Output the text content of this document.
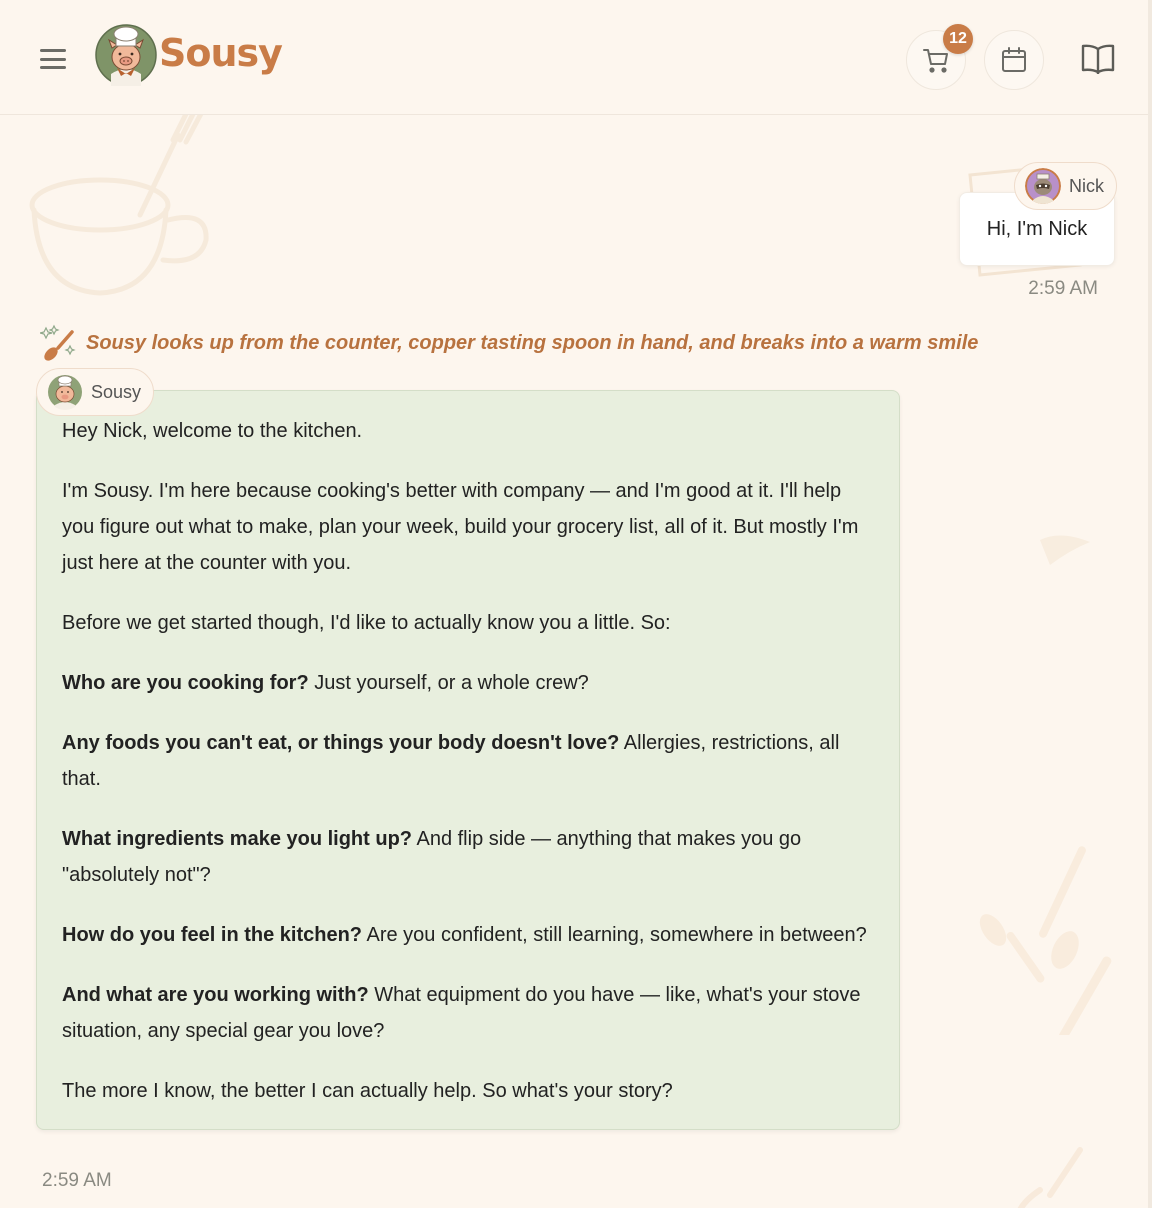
Sousy	12
Hi, I'm Nick
Nick
2:59 AM
Sousy looks up from the counter, copper tasting spoon in hand, and breaks into a warm smile
Sousy

Hey Nick, welcome to the kitchen.

I'm Sousy. I'm here because cooking's better with company — and I'm good at it. I'll help you figure out what to make, plan your week, build your grocery list, all of it. But mostly I'm just here at the counter with you.

Before we get started though, I'd like to actually know you a little. So:

Who are you cooking for? Just yourself, or a whole crew?

Any foods you can't eat, or things your body doesn't love? Allergies, restrictions, all that.

What ingredients make you light up? And flip side — anything that makes you go "absolutely not"?

How do you feel in the kitchen? Are you confident, still learning, somewhere in between?

And what are you working with? What equipment do you have — like, what's your stove situation, any special gear you love?

The more I know, the better I can actually help. So what's your story?

2:59 AM
